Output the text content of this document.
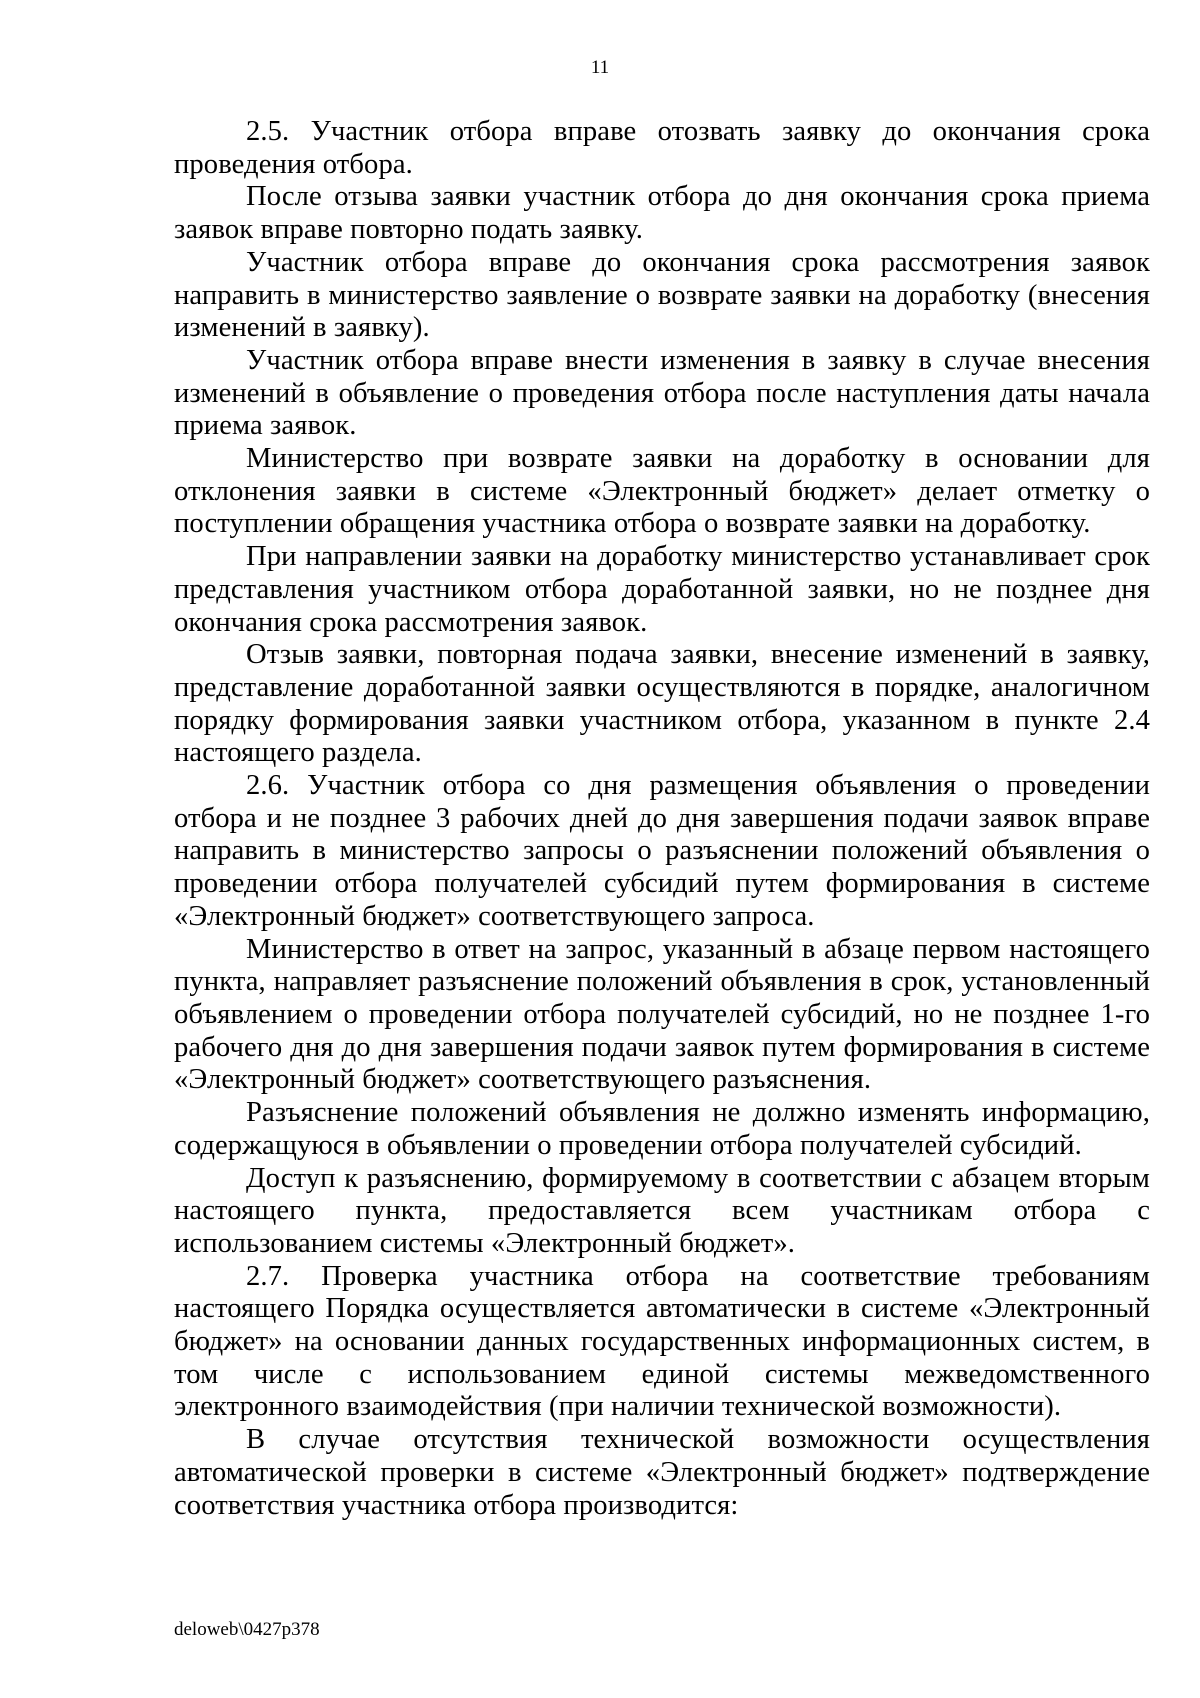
11

2.5. Участник отбора вправе отозвать заявку до окончания срока проведения отбора.

После отзыва заявки участник отбора до дня окончания срока приема заявок вправе повторно подать заявку.

Участник отбора вправе до окончания срока рассмотрения заявок направить в министерство заявление о возврате заявки на доработку (внесения изменений в заявку).

Участник отбора вправе внести изменения в заявку в случае внесения изменений в объявление о проведения отбора после наступления даты начала приема заявок.

Министерство при возврате заявки на доработку в основании для отклонения заявки в системе «Электронный бюджет» делает отметку о поступлении обращения участника отбора о возврате заявки на доработку.

При направлении заявки на доработку министерство устанавливает срок представления участником отбора доработанной заявки, но не позднее дня окончания срока рассмотрения заявок.

Отзыв заявки, повторная подача заявки, внесение изменений в заявку, представление доработанной заявки осуществляются в порядке, аналогичном порядку формирования заявки участником отбора, указанном в пункте 2.4 настоящего раздела.

2.6. Участник отбора со дня размещения объявления о проведении отбора и не позднее 3 рабочих дней до дня завершения подачи заявок вправе направить в министерство запросы о разъяснении положений объявления о проведении отбора получателей субсидий путем формирования в системе «Электронный бюджет» соответствующего запроса.

Министерство в ответ на запрос, указанный в абзаце первом настоящего пункта, направляет разъяснение положений объявления в срок, установленный объявлением о проведении отбора получателей субсидий, но не позднее 1-го рабочего дня до дня завершения подачи заявок путем формирования в системе «Электронный бюджет» соответствующего разъяснения.

Разъяснение положений объявления не должно изменять информацию, содержащуюся в объявлении о проведении отбора получателей субсидий.

Доступ к разъяснению, формируемому в соответствии с абзацем вторым настоящего пункта, предоставляется всем участникам отбора с использованием системы «Электронный бюджет».

2.7. Проверка участника отбора на соответствие требованиям настоящего Порядка осуществляется автоматически в системе «Электронный бюджет» на основании данных государственных информационных систем, в том числе с использованием единой системы межведомственного электронного взаимодействия (при наличии технической возможности).

В случае отсутствия технической возможности осуществления автоматической проверки в системе «Электронный бюджет» подтверждение соответствия участника отбора производится:

deloweb\0427p378
